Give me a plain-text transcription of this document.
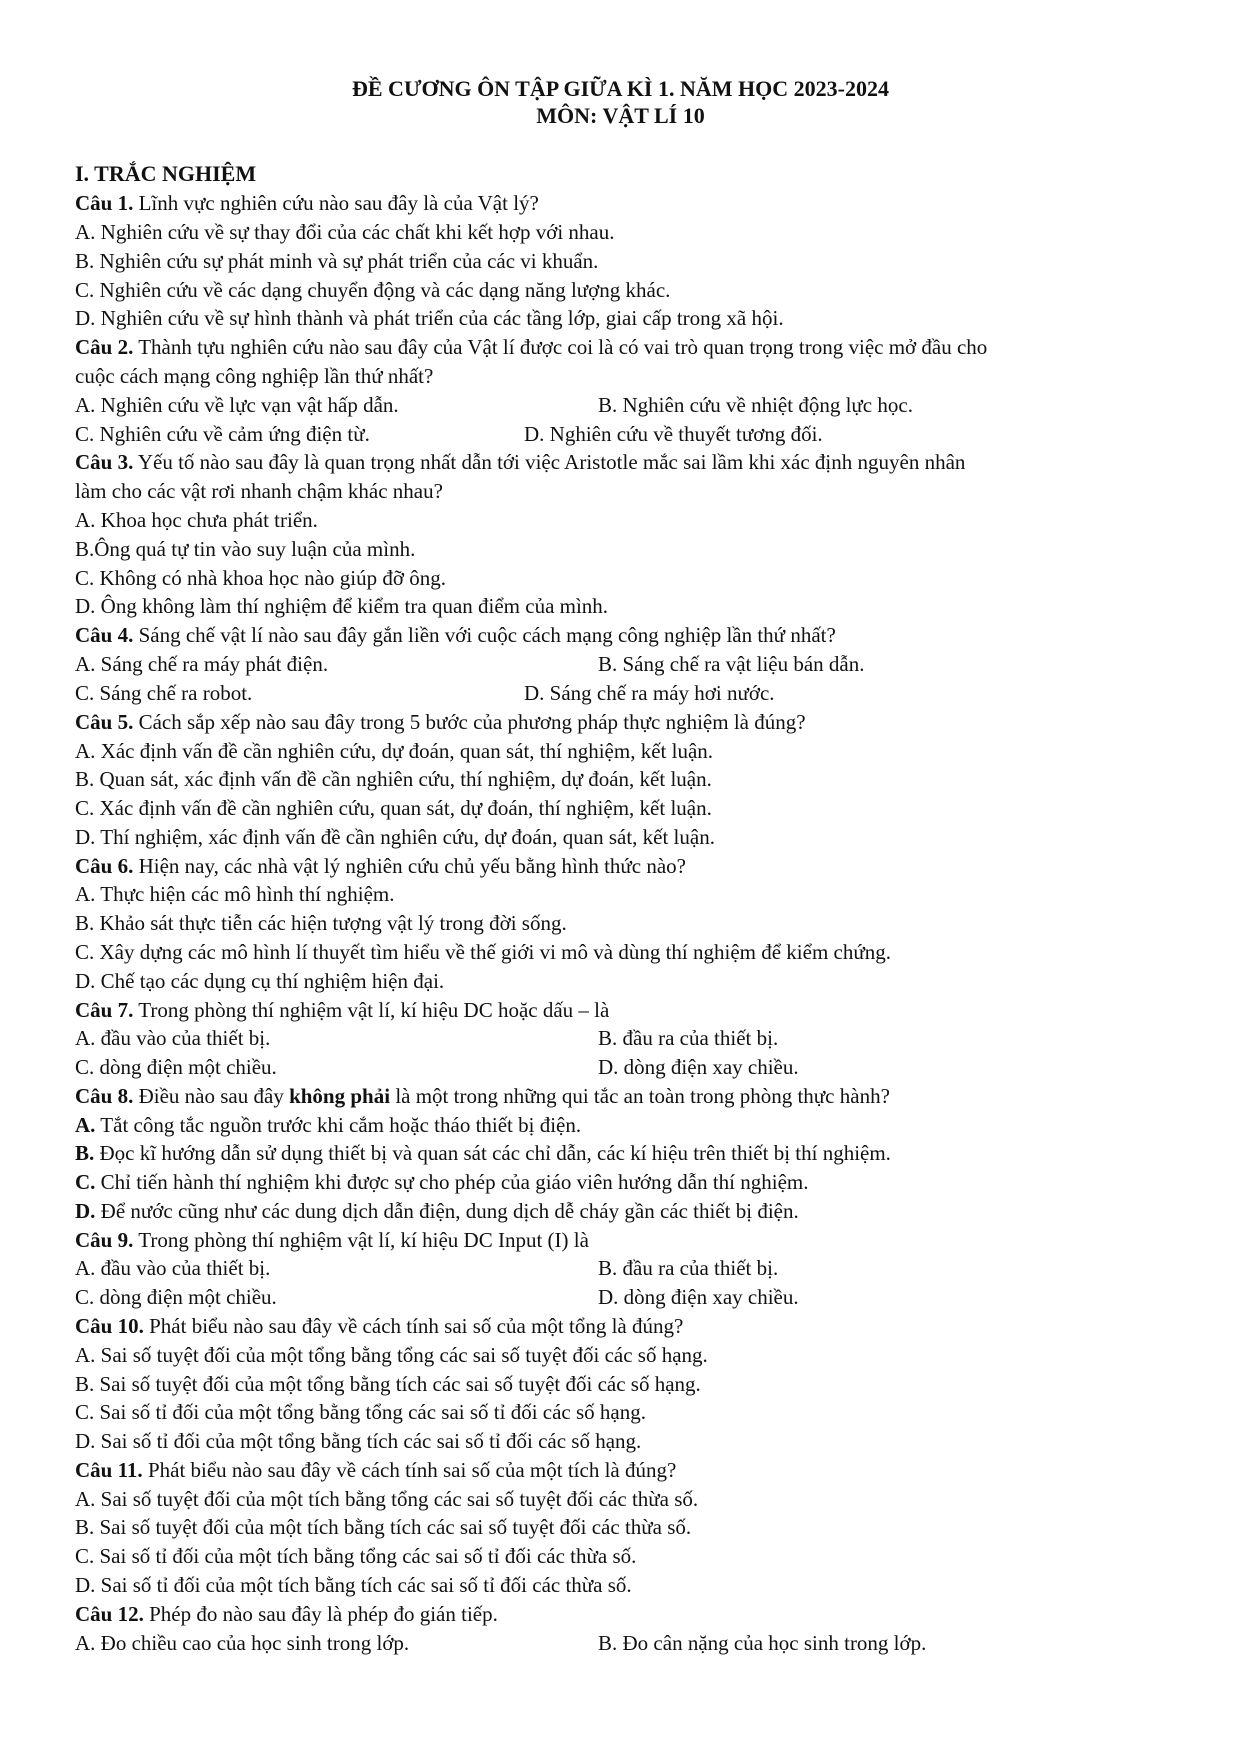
ĐỀ CƯƠNG ÔN TẬP GIỮA KÌ 1. NĂM HỌC 2023-2024
MÔN: VẬT LÍ 10
I. TRẮC NGHIỆM
Câu 1. Lĩnh vực nghiên cứu nào sau đây là của Vật lý?
A. Nghiên cứu về sự thay đổi của các chất khi kết hợp với nhau.
B. Nghiên cứu sự phát minh và sự phát triển của các vi khuẩn.
C. Nghiên cứu về các dạng chuyển động và các dạng năng lượng khác.
D. Nghiên cứu về sự hình thành và phát triển của các tầng lớp, giai cấp trong xã hội.
Câu 2. Thành tựu nghiên cứu nào sau đây của Vật lí được coi là có vai trò quan trọng trong việc mở đầu cho
cuộc cách mạng công nghiệp lần thứ nhất?
A. Nghiên cứu về lực vạn vật hấp dẫn.	B. Nghiên cứu về nhiệt động lực học.
C. Nghiên cứu về cảm ứng điện từ.	D. Nghiên cứu về thuyết tương đối.
Câu 3. Yếu tố nào sau đây là quan trọng nhất dẫn tới việc Aristotle mắc sai lầm khi xác định nguyên nhân
làm cho các vật rơi nhanh chậm khác nhau?
A. Khoa học chưa phát triển.
B.Ông quá tự tin vào suy luận của mình.
C. Không có nhà khoa học nào giúp đỡ ông.
D. Ông không làm thí nghiệm để kiểm tra quan điểm của mình.
Câu 4. Sáng chế vật lí nào sau đây gắn liền với cuộc cách mạng công nghiệp lần thứ nhất?
A. Sáng chế ra máy phát điện.	B. Sáng chế ra vật liệu bán dẫn.
C. Sáng chế ra robot.	D. Sáng chế ra máy hơi nước.
Câu 5. Cách sắp xếp nào sau đây trong 5 bước của phương pháp thực nghiệm là đúng?
A. Xác định vấn đề cần nghiên cứu, dự đoán, quan sát, thí nghiệm, kết luận.
B. Quan sát, xác định vấn đề cần nghiên cứu, thí nghiệm, dự đoán, kết luận.
C. Xác định vấn đề cần nghiên cứu, quan sát, dự đoán, thí nghiệm, kết luận.
D. Thí nghiệm, xác định vấn đề cần nghiên cứu, dự đoán, quan sát, kết luận.
Câu 6. Hiện nay, các nhà vật lý nghiên cứu chủ yếu bằng hình thức nào?
A. Thực hiện các mô hình thí nghiệm.
B. Khảo sát thực tiễn các hiện tượng vật lý trong đời sống.
C. Xây dựng các mô hình lí thuyết tìm hiểu về thế giới vi mô và dùng thí nghiệm để kiểm chứng.
D. Chế tạo các dụng cụ thí nghiệm hiện đại.
Câu 7. Trong phòng thí nghiệm vật lí, kí hiệu DC hoặc dấu – là
A. đầu vào của thiết bị.	B. đầu ra của thiết bị.
C. dòng điện một chiều.	D. dòng điện xay chiều.
Câu 8. Điều nào sau đây không phải là một trong những qui tắc an toàn trong phòng thực hành?
A. Tắt công tắc nguồn trước khi cắm hoặc tháo thiết bị điện.
B. Đọc kĩ hướng dẫn sử dụng thiết bị và quan sát các chỉ dẫn, các kí hiệu trên thiết bị thí nghiệm.
C. Chỉ tiến hành thí nghiệm khi được sự cho phép của giáo viên hướng dẫn thí nghiệm.
D. Để nước cũng như các dung dịch dẫn điện, dung dịch dễ cháy gần các thiết bị điện.
Câu 9. Trong phòng thí nghiệm vật lí, kí hiệu DC Input (I) là
A. đầu vào của thiết bị.	B. đầu ra của thiết bị.
C. dòng điện một chiều.	D. dòng điện xay chiều.
Câu 10. Phát biểu nào sau đây về cách tính sai số của một tổng là đúng?
A. Sai số tuyệt đối của một tổng bằng tổng các sai số tuyệt đối các số hạng.
B. Sai số tuyệt đối của một tổng bằng tích các sai số tuyệt đối các số hạng.
C. Sai số tỉ đối của một tổng bằng tổng các sai số tỉ đối các số hạng.
D. Sai số tỉ đối của một tổng bằng tích các sai số tỉ đối các số hạng.
Câu 11. Phát biểu nào sau đây về cách tính sai số của một tích là đúng?
A. Sai số tuyệt đối của một tích bằng tổng các sai số tuyệt đối các thừa số.
B. Sai số tuyệt đối của một tích bằng tích các sai số tuyệt đối các thừa số.
C. Sai số tỉ đối của một tích bằng tổng các sai số tỉ đối các thừa số.
D. Sai số tỉ đối của một tích bằng tích các sai số tỉ đối các thừa số.
Câu 12. Phép đo nào sau đây là phép đo gián tiếp.
A. Đo chiều cao của học sinh trong lớp.	B. Đo cân nặng của học sinh trong lớp.
